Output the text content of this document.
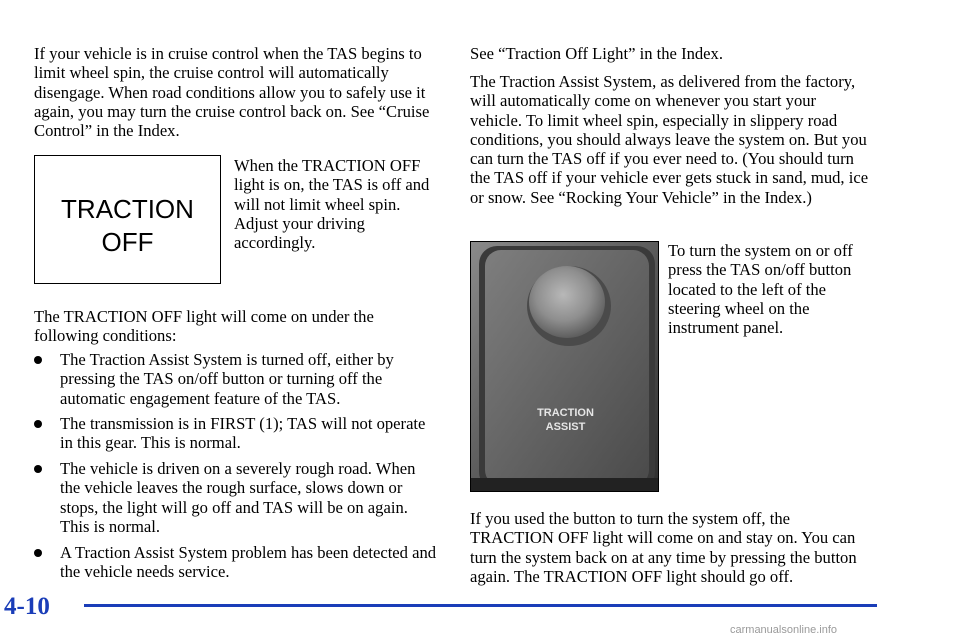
If your vehicle is in cruise control when the TAS begins to limit wheel spin, the cruise control will automatically disengage. When road conditions allow you to safely use it again, you may turn the cruise control back on. See “Cruise Control” in the Index.

TRACTION
OFF

When the TRACTION OFF light is on, the TAS is off and will not limit wheel spin. Adjust your driving accordingly.

The TRACTION OFF light will come on under the following conditions:

The Traction Assist System is turned off, either by pressing the TAS on/off button or turning off the automatic engagement feature of the TAS.
The transmission is in FIRST (1); TAS will not operate in this gear. This is normal.
The vehicle is driven on a severely rough road. When the vehicle leaves the rough surface, slows down or stops, the light will go off and TAS will be on again. This is normal.
A Traction Assist System problem has been detected and the vehicle needs service.

See “Traction Off Light” in the Index.

The Traction Assist System, as delivered from the factory, will automatically come on whenever you start your vehicle. To limit wheel spin, especially in slippery road conditions, you should always leave the system on. But you can turn the TAS off if you ever need to. (You should turn the TAS off if your vehicle ever gets stuck in sand, mud, ice or snow. See “Rocking Your Vehicle” in the Index.)

TRACTION
ASSIST

To turn the system on or off press the TAS on/off button located to the left of the steering wheel on the instrument panel.

If you used the button to turn the system off, the TRACTION OFF light will come on and stay on. You can turn the system back on at any time by pressing the button again. The TRACTION OFF light should go off.

4-10
carmanualsonline.info
